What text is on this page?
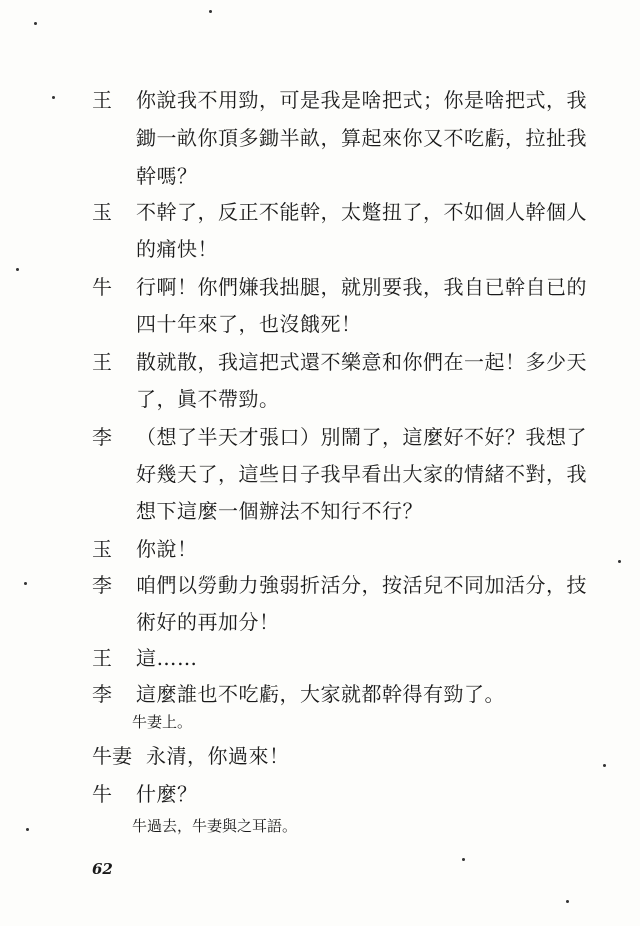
王 你說我不用勁，可是我是啥把式；你是啥把式，我
鋤一畝你頂多鋤半畝，算起來你又不吃虧，拉扯我
幹嗎？
玉 不幹了，反正不能幹，太蹩扭了，不如個人幹個人
的痛快！
牛 行啊！你們嫌我拙腿，就別要我，我自已幹自已的
四十年來了，也沒餓死！
王 散就散，我這把式還不樂意和你們在一起！多少天
了，眞不帶勁。
李 （想了半天才張口）別鬧了，這麼好不好？我想了
好幾天了，這些日子我早看出大家的情緒不對，我
想下這麼一個辦法不知行不行？
玉 你說！
李 咱們以勞動力強弱折活分，按活兒不同加活分，技
術好的再加分！
王 這……
李 這麼誰也不吃虧，大家就都幹得有勁了。
牛妻上。
牛妻 永清，你過來！
牛 什麼？
牛過去，牛妻與之耳語。
62
